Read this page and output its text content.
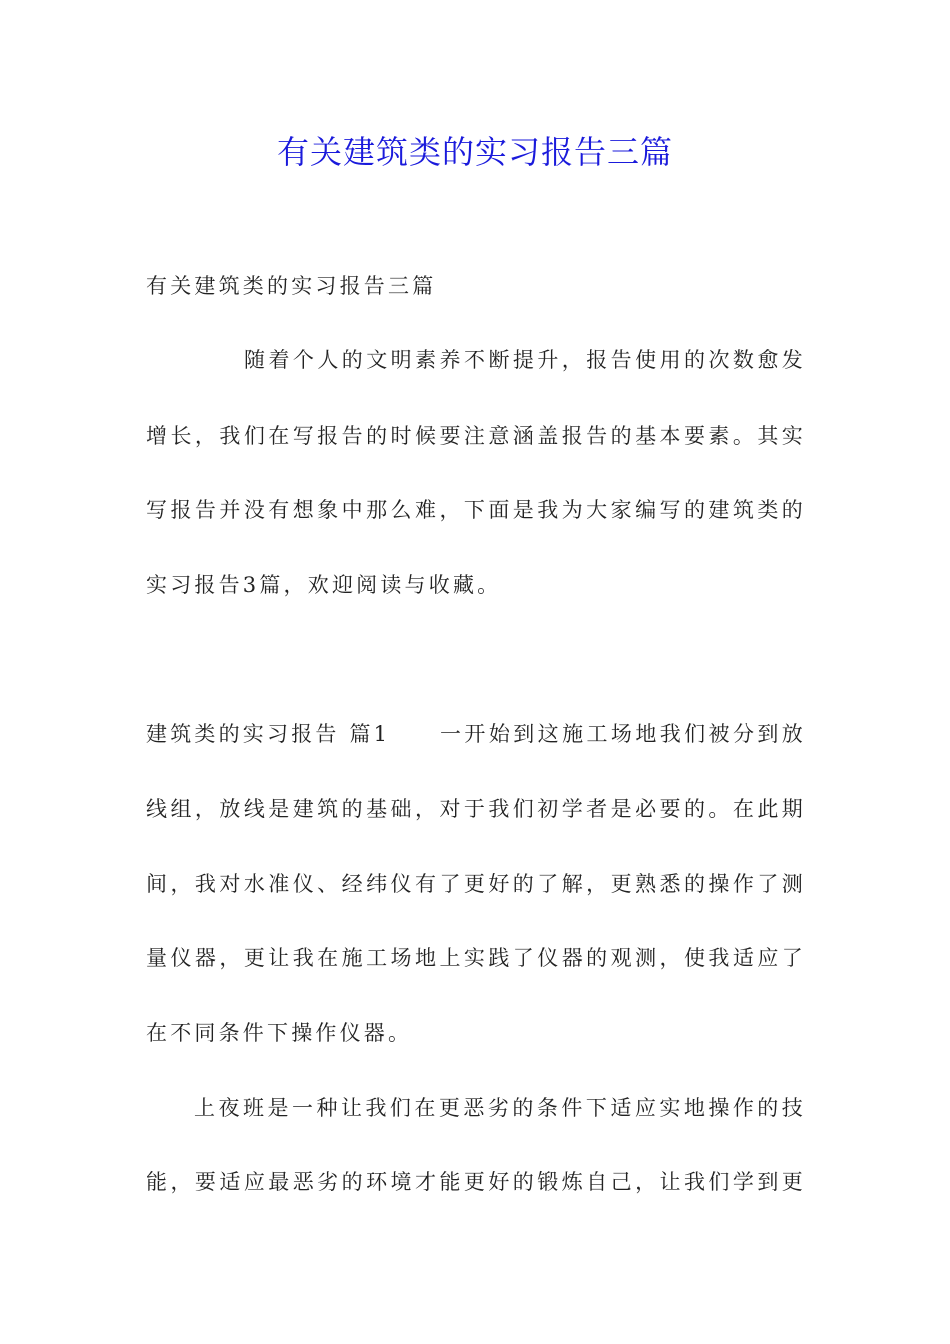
有关建筑类的实习报告三篇
有关建筑类的实习报告三篇
随着个人的文明素养不断提升，报告使用的次数愈发
增长，我们在写报告的时候要注意涵盖报告的基本要素。其实
写报告并没有想象中那么难，下面是我为大家编写的建筑类的
实习报告3篇，欢迎阅读与收藏。
建筑类的实习报告 篇1	一开始到这施工场地我们被分到放
线组，放线是建筑的基础，对于我们初学者是必要的。在此期
间，我对水准仪、经纬仪有了更好的了解，更熟悉的操作了测
量仪器，更让我在施工场地上实践了仪器的观测，使我适应了
在不同条件下操作仪器。
上夜班是一种让我们在更恶劣的条件下适应实地操作的技
能，要适应最恶劣的环境才能更好的锻炼自己，让我们学到更
